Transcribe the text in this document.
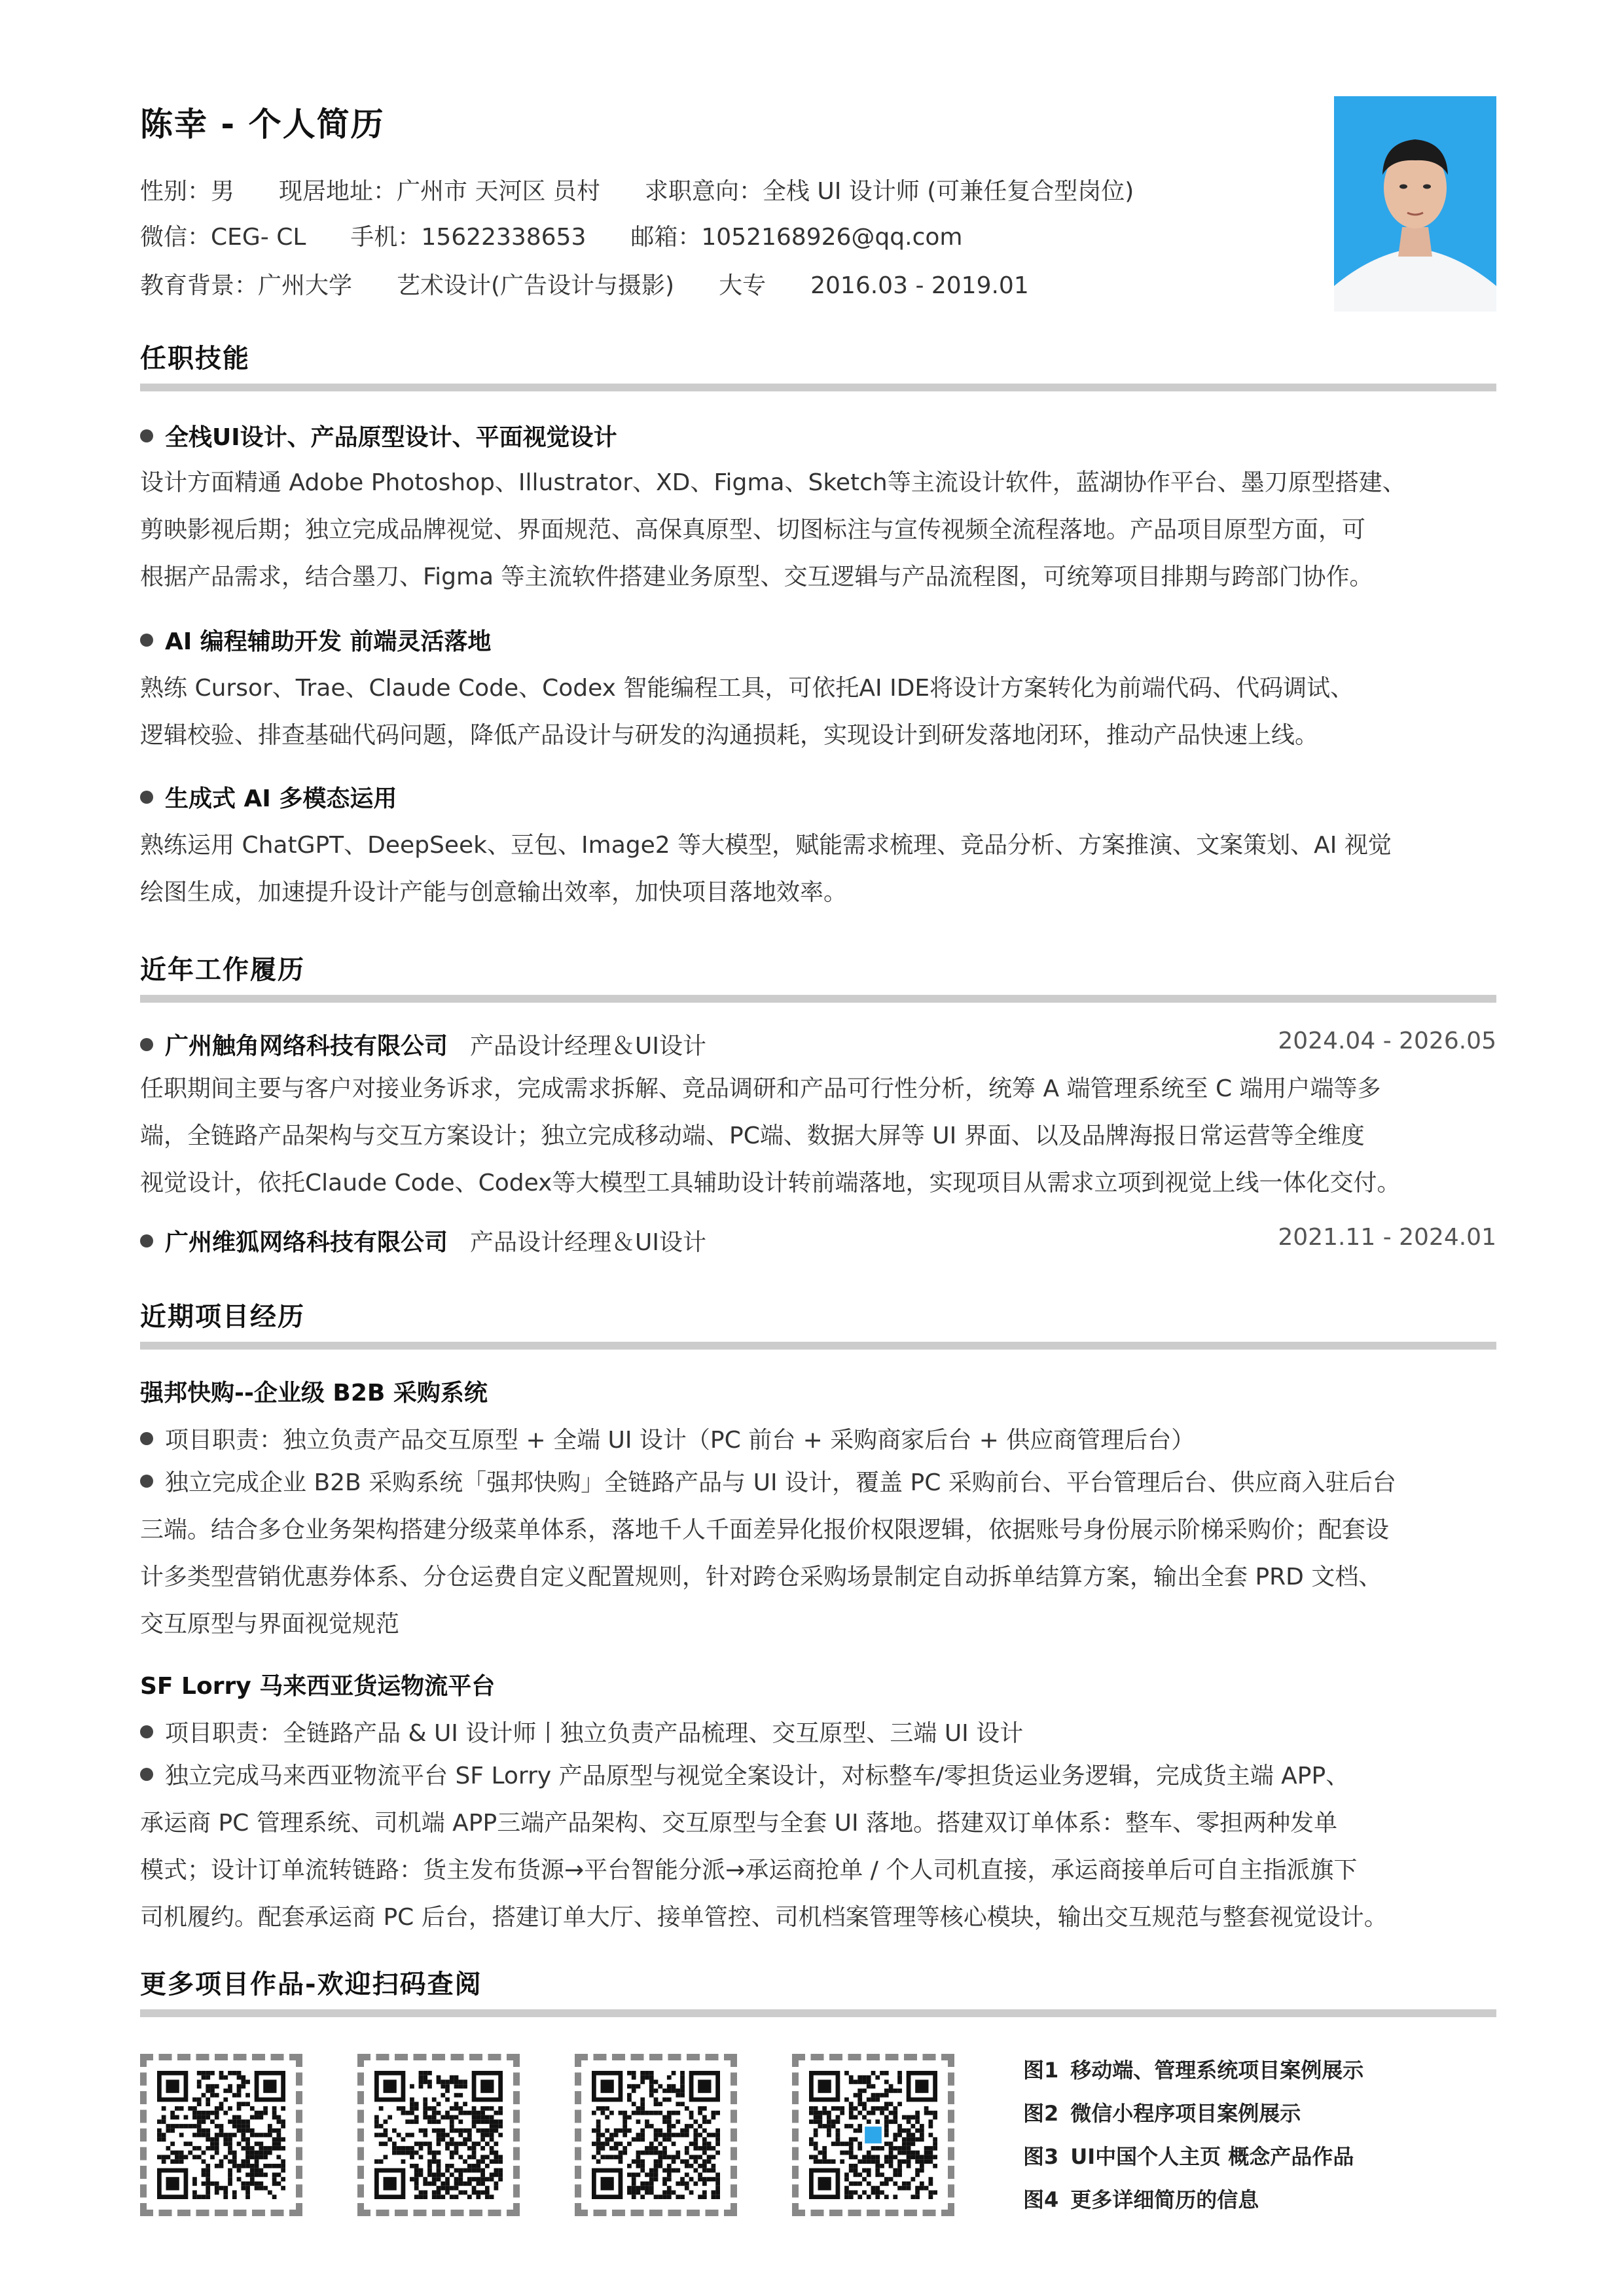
陈幸 - 个人简历
性别：男 现居地址：广州市 天河区 员村 求职意向：全栈 UI 设计师 (可兼任复合型岗位)
微信：CEG- CL 手机：15622338653 邮箱：1052168926@qq.com
教育背景：广州大学 艺术设计(广告设计与摄影) 大专 2016.03 - 2019.01
任职技能
全栈UI设计、产品原型设计、平面视觉设计
设计方面精通 Adobe Photoshop、Illustrator、XD、Figma、Sketch等主流设计软件，蓝湖协作平台、墨刀原型搭建、
剪映影视后期；独立完成品牌视觉、界面规范、高保真原型、切图标注与宣传视频全流程落地。产品项目原型方面，可
根据产品需求，结合墨刀、Figma 等主流软件搭建业务原型、交互逻辑与产品流程图，可统筹项目排期与跨部门协作。
AI 编程辅助开发 前端灵活落地
熟练 Cursor、Trae、Claude Code、Codex 智能编程工具，可依托AI IDE将设计方案转化为前端代码、代码调试、
逻辑校验、排查基础代码问题，降低产品设计与研发的沟通损耗，实现设计到研发落地闭环，推动产品快速上线。
生成式 AI 多模态运用
熟练运用 ChatGPT、DeepSeek、豆包、Image2 等大模型，赋能需求梳理、竞品分析、方案推演、文案策划、AI 视觉
绘图生成，加速提升设计产能与创意输出效率，加快项目落地效率。
近年工作履历
广州触角网络科技有限公司 产品设计经理＆UI设计	2024.04 - 2026.05
任职期间主要与客户对接业务诉求，完成需求拆解、竞品调研和产品可行性分析，统筹 A 端管理系统至 C 端用户端等多
端，全链路产品架构与交互方案设计；独立完成移动端、PC端、数据大屏等 UI 界面、以及品牌海报日常运营等全维度
视觉设计，依托Claude Code、Codex等大模型工具辅助设计转前端落地，实现项目从需求立项到视觉上线一体化交付。
广州维狐网络科技有限公司 产品设计经理＆UI设计	2021.11 - 2024.01
近期项目经历
强邦快购--企业级 B2B 采购系统
项目职责：独立负责产品交互原型 + 全端 UI 设计（PC 前台 + 采购商家后台 + 供应商管理后台）
独立完成企业 B2B 采购系统「强邦快购」全链路产品与 UI 设计，覆盖 PC 采购前台、平台管理后台、供应商入驻后台
三端。结合多仓业务架构搭建分级菜单体系，落地千人千面差异化报价权限逻辑，依据账号身份展示阶梯采购价；配套设
计多类型营销优惠券体系、分仓运费自定义配置规则，针对跨仓采购场景制定自动拆单结算方案，输出全套 PRD 文档、
交互原型与界面视觉规范
SF Lorry 马来西亚货运物流平台
项目职责：全链路产品 & UI 设计师丨独立负责产品梳理、交互原型、三端 UI 设计
独立完成马来西亚物流平台 SF Lorry 产品原型与视觉全案设计，对标整车/零担货运业务逻辑，完成货主端 APP、
承运商 PC 管理系统、司机端 APP三端产品架构、交互原型与全套 UI 落地。搭建双订单体系：整车、零担两种发单
模式；设计订单流转链路：货主发布货源→平台智能分派→承运商抢单 / 个人司机直接，承运商接单后可自主指派旗下
司机履约。配套承运商 PC 后台，搭建订单大厅、接单管控、司机档案管理等核心模块，输出交互规范与整套视觉设计。
更多项目作品-欢迎扫码查阅
图1 移动端、管理系统项目案例展示
图2 微信小程序项目案例展示
图3 UI中国个人主页 概念产品作品
图4 更多详细简历的信息
